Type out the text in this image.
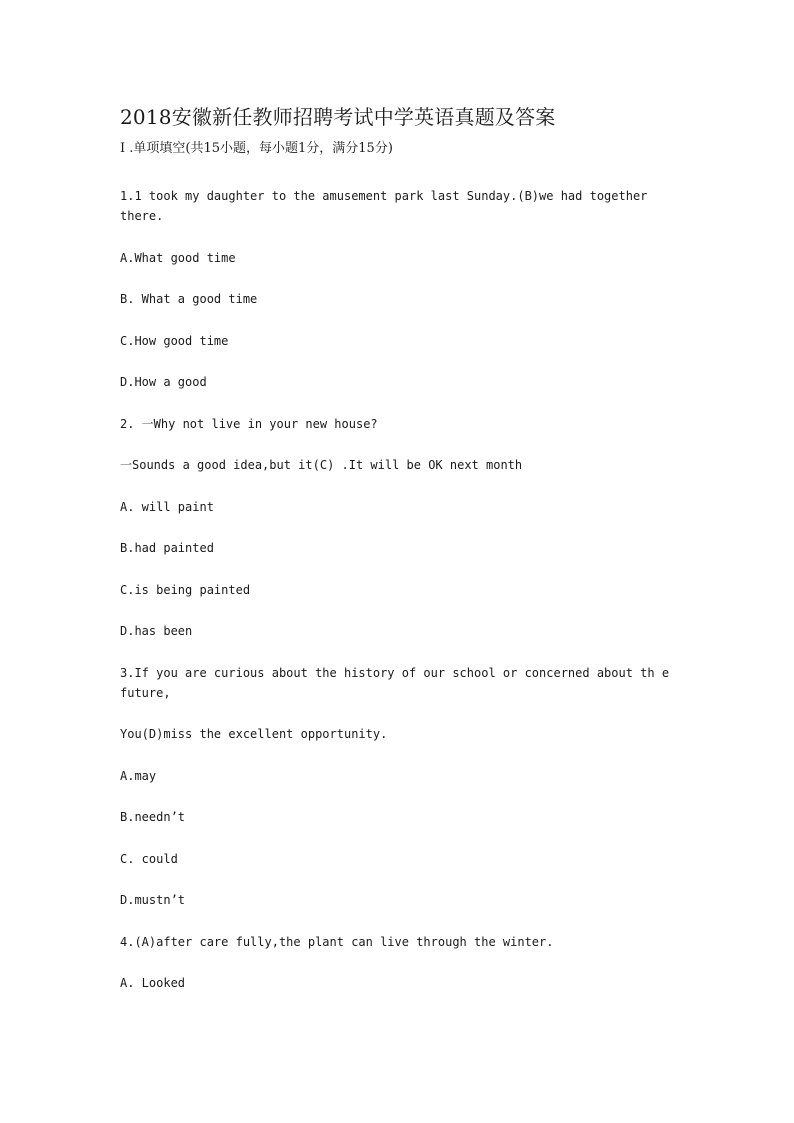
2018安徽新任教师招聘考试中学英语真题及答案

I .单项填空(共15小题，每小题1分，满分15分)

1.1 took my daughter to the amusement park last Sunday.(B)we had together

there.

A.What good time

B. What a good time

C.How good time

D.How a good

2. 一Why not live in your new house?

一Sounds a good idea,but it(C) .It will be OK next month

A. will paint

B.had painted

C.is being painted

D.has been

3.If you are curious about the history of our school or concerned about th e

future,

You(D)miss the excellent opportunity.

A.may

B.needn’t

C. could

D.mustn’t

4.(A)after care fully,the plant can live through the winter.

A. Looked
